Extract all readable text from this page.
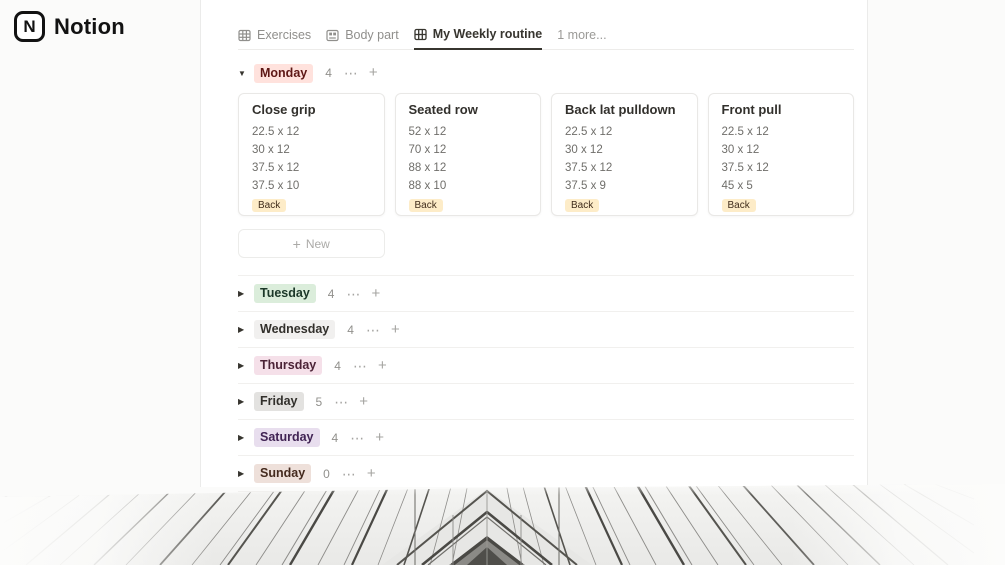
N Notion	Exercises	Body part	My Weekly routine 1 more...
▼	Monday	4 ⋯ +
Close grip
22.5 x 12
30 x 12
37.5 x 12
37.5 x 10
Back
Seated row
52 x 12
70 x 12
88 x 12
88 x 10
Back
Back lat pulldown
22.5 x 12
30 x 12
37.5 x 12
37.5 x 9
Back
Front pull
22.5 x 12
30 x 12
37.5 x 12
45 x 5
Back
+ New
▶	Tuesday	4 ⋯ +
▶	Wednesday	4 ⋯ +
▶	Thursday	4 ⋯ +
▶	Friday	5 ⋯ +
▶	Saturday	4 ⋯ +
▶	Sunday	0 ⋯ +
